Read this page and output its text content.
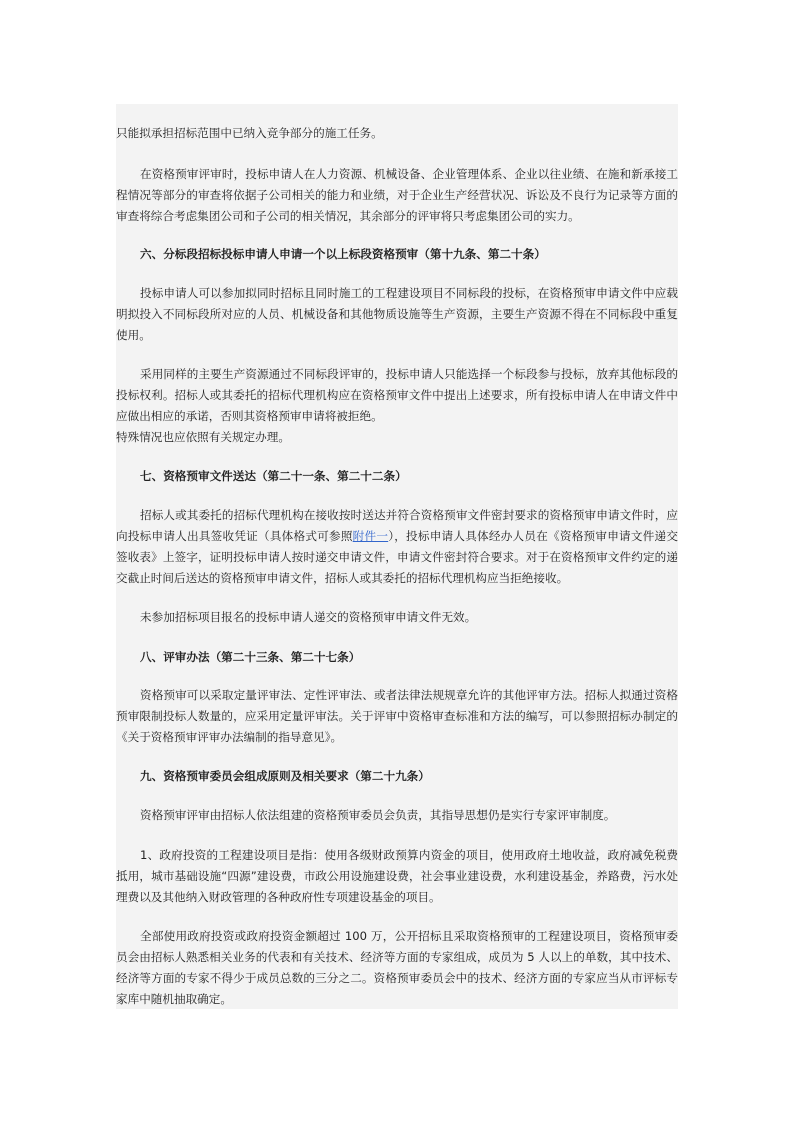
只能拟承担招标范围中已纳入竞争部分的施工任务。

在资格预审评审时，投标申请人在人力资源、机械设备、企业管理体系、企业以往业绩、在施和新承接工程情况等部分的审查将依据子公司相关的能力和业绩，对于企业生产经营状况、诉讼及不良行为记录等方面的审查将综合考虑集团公司和子公司的相关情况，其余部分的评审将只考虑集团公司的实力。

六、分标段招标投标申请人申请一个以上标段资格预审（第十九条、第二十条）

投标申请人可以参加拟同时招标且同时施工的工程建设项目不同标段的投标，在资格预审申请文件中应载明拟投入不同标段所对应的人员、机械设备和其他物质设施等生产资源，主要生产资源不得在不同标段中重复使用。

采用同样的主要生产资源通过不同标段评审的，投标申请人只能选择一个标段参与投标，放弃其他标段的投标权利。招标人或其委托的招标代理机构应在资格预审文件中提出上述要求，所有投标申请人在申请文件中应做出相应的承诺，否则其资格预审申请将被拒绝。

特殊情况也应依照有关规定办理。

七、资格预审文件送达（第二十一条、第二十二条）

招标人或其委托的招标代理机构在接收按时送达并符合资格预审文件密封要求的资格预审申请文件时，应向投标申请人出具签收凭证（具体格式可参照附件一），投标申请人具体经办人员在《资格预审申请文件递交签收表》上签字，证明投标申请人按时递交申请文件，申请文件密封符合要求。对于在资格预审文件约定的递交截止时间后送达的资格预审申请文件，招标人或其委托的招标代理机构应当拒绝接收。

未参加招标项目报名的投标申请人递交的资格预审申请文件无效。

八、评审办法（第二十三条、第二十七条）

资格预审可以采取定量评审法、定性评审法、或者法律法规规章允许的其他评审方法。招标人拟通过资格预审限制投标人数量的，应采用定量评审法。关于评审中资格审查标准和方法的编写，可以参照招标办制定的《关于资格预审评审办法编制的指导意见》。

九、资格预审委员会组成原则及相关要求（第二十九条）

资格预审评审由招标人依法组建的资格预审委员会负责，其指导思想仍是实行专家评审制度。

1、政府投资的工程建设项目是指：使用各级财政预算内资金的项目，使用政府土地收益，政府减免税费抵用，城市基础设施“四源”建设费，市政公用设施建设费，社会事业建设费，水利建设基金，养路费，污水处理费以及其他纳入财政管理的各种政府性专项建设基金的项目。

全部使用政府投资或政府投资金额超过 100 万，公开招标且采取资格预审的工程建设项目，资格预审委员会由招标人熟悉相关业务的代表和有关技术、经济等方面的专家组成，成员为 5 人以上的单数，其中技术、经济等方面的专家不得少于成员总数的三分之二。资格预审委员会中的技术、经济方面的专家应当从市评标专家库中随机抽取确定。
